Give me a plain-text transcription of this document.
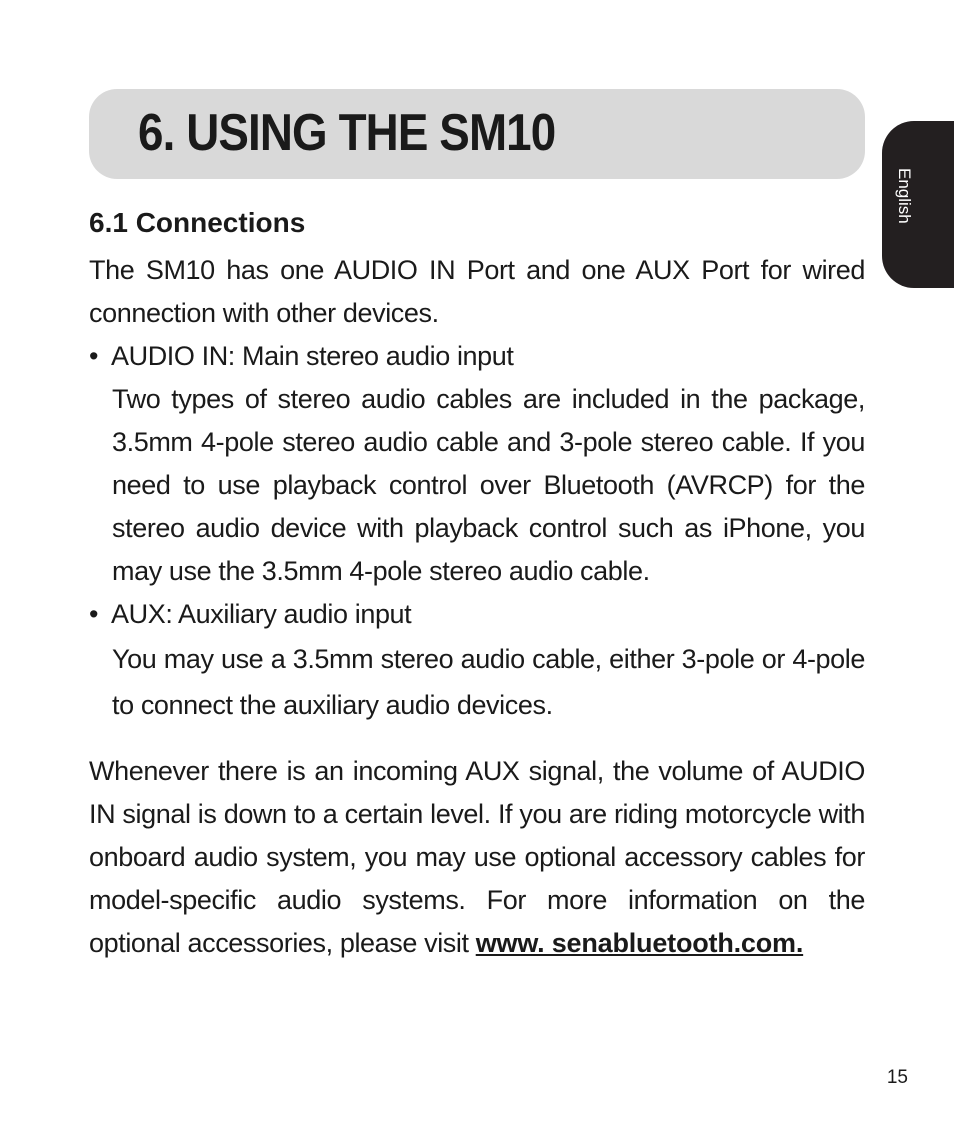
6. USING THE SM10
English
6.1 Connections

The SM10 has one AUDIO IN Port and one AUX Port for wired connection with other devices.

• AUDIO IN: Main stereo audio input

Two types of stereo audio cables are included in the package, 3.5mm 4-pole stereo audio cable and 3-pole stereo cable. If you need to use playback control over Bluetooth (AVRCP) for the stereo audio device with playback control such as iPhone, you may use the 3.5mm 4-pole stereo audio cable.

• AUX: Auxiliary audio input

You may use a 3.5mm stereo audio cable, either 3-pole or 4-pole to connect the auxiliary audio devices.

Whenever there is an incoming AUX signal, the volume of AUDIO IN signal is down to a certain level. If you are riding motorcycle with onboard audio system, you may use optional accessory cables for model-specific audio systems. For more information on the optional accessories, please visit www. senabluetooth.com.

15
